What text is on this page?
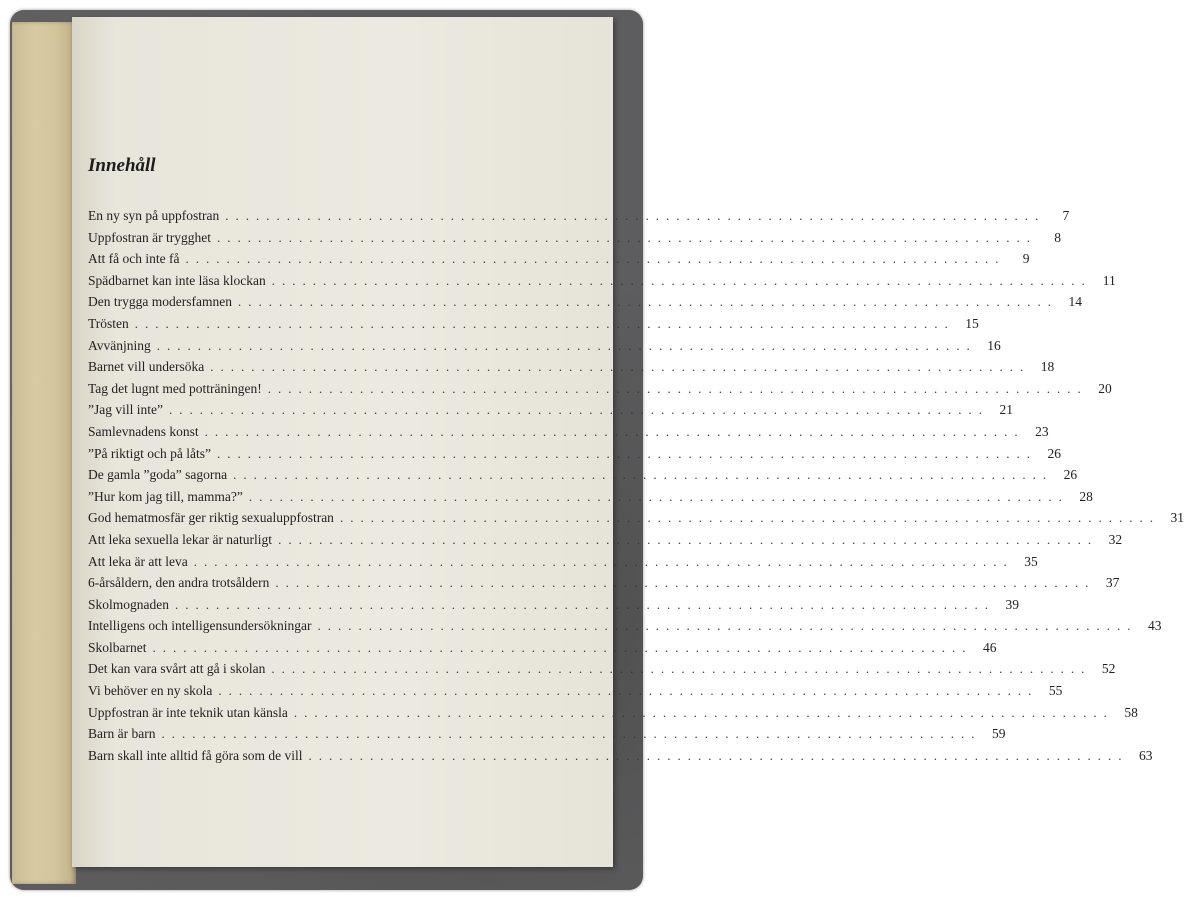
Innehåll
En ny syn på uppfostran ................................................................................	7
Uppfostran är trygghet ................................................................................	8
Att få och inte få ................................................................................	9
Spädbarnet kan inte läsa klockan ................................................................................ 11
Den trygga modersfamnen ................................................................................ 14
Trösten ................................................................................ 15
Avvänjning ................................................................................ 16
Barnet vill undersöka ................................................................................ 18
Tag det lugnt med potträningen! ................................................................................ 20
”Jag vill inte” ................................................................................ 21
Samlevnadens konst ................................................................................ 23
”På riktigt och på låts” ................................................................................ 26
De gamla ”goda” sagorna ................................................................................ 26
”Hur kom jag till, mamma?” ................................................................................ 28
God hematmosfär ger riktig sexualuppfostran ................................................................................ 31
Att leka sexuella lekar är naturligt ................................................................................ 32
Att leka är att leva ................................................................................ 35
6-årsåldern, den andra trotsåldern ................................................................................ 37
Skolmognaden ................................................................................ 39
Intelligens och intelligensundersökningar ................................................................................ 43
Skolbarnet ................................................................................ 46
Det kan vara svårt att gå i skolan ................................................................................ 52
Vi behöver en ny skola ................................................................................ 55
Uppfostran är inte teknik utan känsla ................................................................................ 58
Barn är barn ................................................................................ 59
Barn skall inte alltid få göra som de vill ................................................................................ 63
